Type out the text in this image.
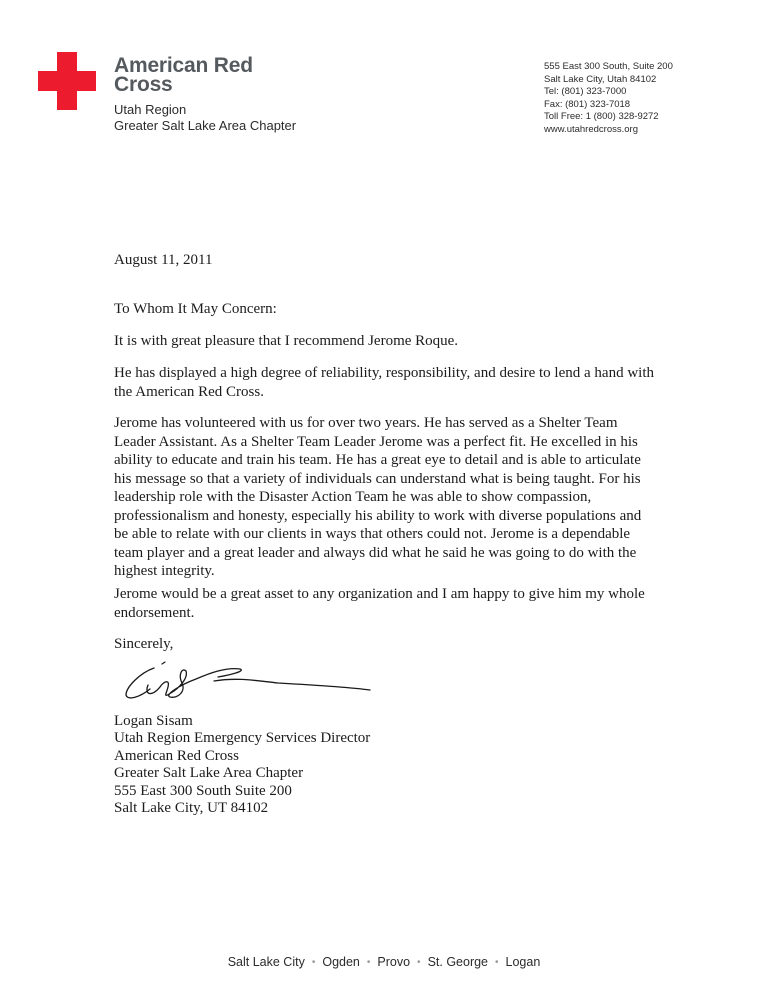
American Red Cross
Utah Region
Greater Salt Lake Area Chapter
555 East 300 South, Suite 200
Salt Lake City, Utah 84102
Tel: (801) 323-7000
Fax: (801) 323-7018
Toll Free: 1 (800) 328-9272
www.utahredcross.org
August 11, 2011
To Whom It May Concern:
It is with great pleasure that I recommend Jerome Roque.
He has displayed a high degree of reliability, responsibility, and desire to lend a hand with the American Red Cross.
Jerome has volunteered with us for over two years. He has served as a Shelter Team Leader Assistant. As a Shelter Team Leader Jerome was a perfect fit. He excelled in his ability to educate and train his team. He has a great eye to detail and is able to articulate his message so that a variety of individuals can understand what is being taught. For his leadership role with the Disaster Action Team he was able to show compassion, professionalism and honesty, especially his ability to work with diverse populations and be able to relate with our clients in ways that others could not. Jerome is a dependable team player and a great leader and always did what he said he was going to do with the highest integrity.
Jerome would be a great asset to any organization and I am happy to give him my whole endorsement.
Sincerely,
Logan Sisam
Utah Region Emergency Services Director
American Red Cross
Greater Salt Lake Area Chapter
555 East 300 South Suite 200
Salt Lake City, UT 84102
Salt Lake City • Ogden • Provo • St. George • Logan
